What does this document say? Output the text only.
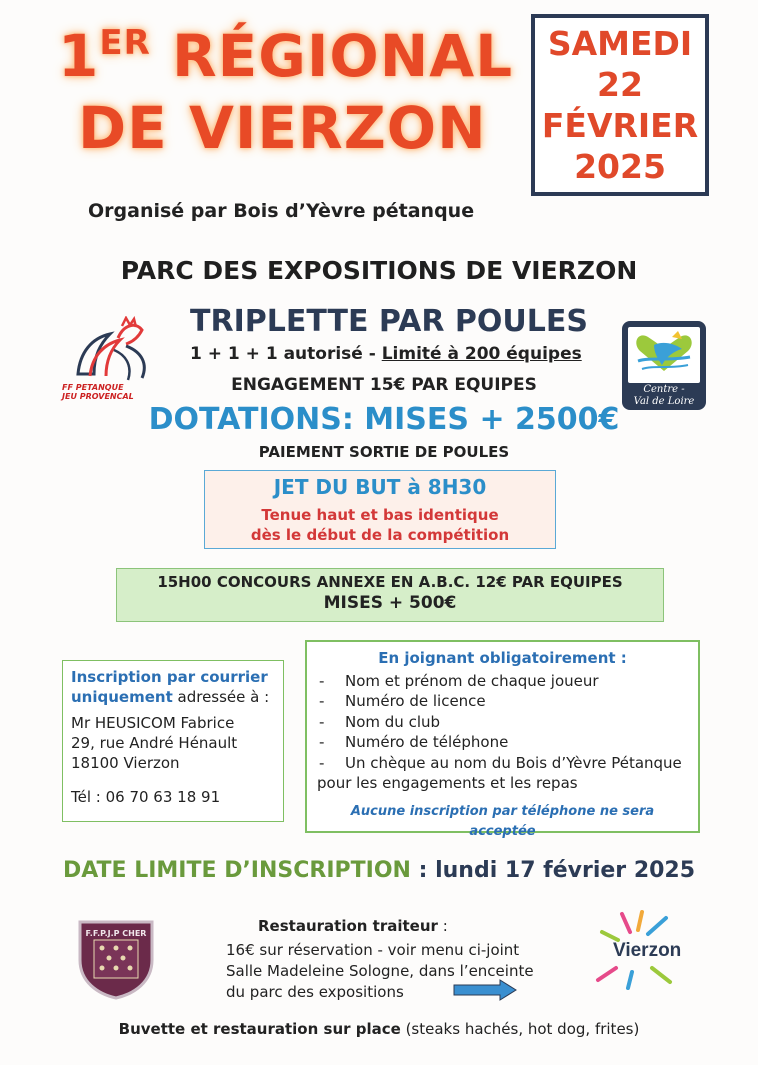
1ER RÉGIONAL
DE VIERZON
SAMEDI
22
FÉVRIER
2025
Organisé par Bois d’Yèvre pétanque
PARC DES EXPOSITIONS DE VIERZON
FF PETANQUE
JEU PROVENCAL
Centre -
Val de Loire
TRIPLETTE PAR POULES
1 + 1 + 1 autorisé - Limité à 200 équipes
ENGAGEMENT 15€ PAR EQUIPES
DOTATIONS: MISES + 2500€
PAIEMENT SORTIE DE POULES
JET DU BUT à 8H30
Tenue haut et bas identique
dès le début de la compétition
15H00 CONCOURS ANNEXE EN A.B.C. 12€ PAR EQUIPES
MISES + 500€
Inscription par courrier
uniquement adressée à :
Mr HEUSICOM Fabrice
29, rue André Hénault
18100 Vierzon
Tél : 06 70 63 18 91
En joignant obligatoirement :
- Nom et prénom de chaque joueur
- Numéro de licence
- Nom du club
- Numéro de téléphone
- Un chèque au nom du Bois d’Yèvre Pétanque
pour les engagements et les repas
Aucune inscription par téléphone ne sera acceptée
DATE LIMITE D’INSCRIPTION : lundi 17 février 2025
F.F.P.J.P CHER	Restauration traiteur :
16€ sur réservation - voir menu ci-joint
Salle Madeleine Sologne, dans l’enceinte
du parc des expositions
Vierzon
Buvette et restauration sur place (steaks hachés, hot dog, frites)
